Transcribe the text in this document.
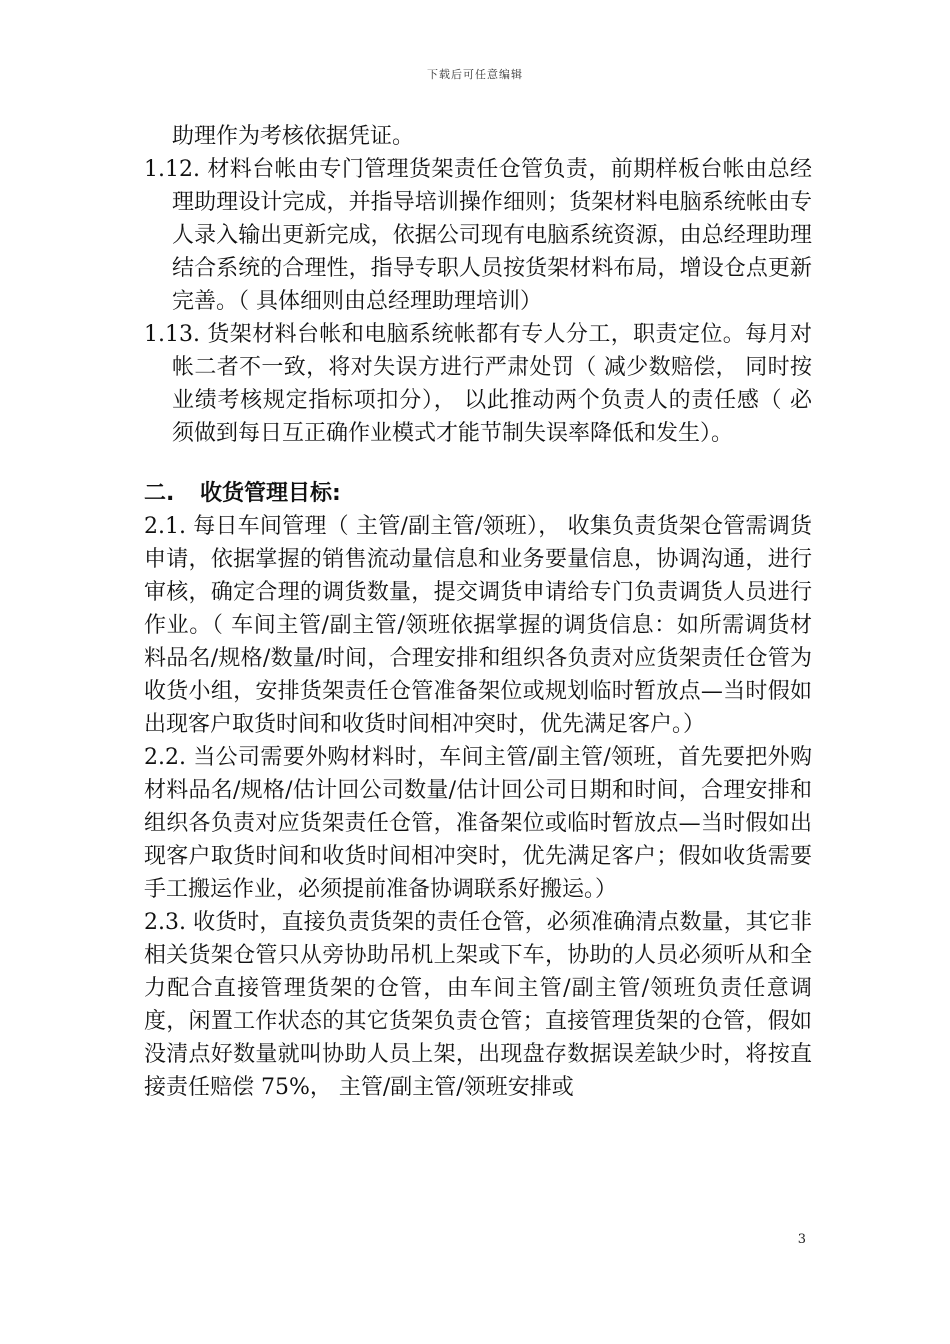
下载后可任意编辑

助理作为考核依据凭证。

1.12. 材料台帐由专门管理货架责任仓管负责，前期样板台帐由总经理助理设计完成，并指导培训操作细则；货架材料电脑系统帐由专人录入输出更新完成，依据公司现有电脑系统资源，由总经理助理结合系统的合理性，指导专职人员按货架材料布局，增设仓点更新完善。（ 具体细则由总经理助理培训）

1.13. 货架材料台帐和电脑系统帐都有专人分工，职责定位。每月对帐二者不一致，将对失误方进行严肃处罚（ 减少数赔偿， 同时按业绩考核规定指标项扣分）， 以此推动两个负责人的责任感（ 必须做到每日互正确作业模式才能节制失误率降低和发生）。

二. 收货管理目标:

2.1. 每日车间管理（ 主管/副主管/领班）， 收集负责货架仓管需调货申请，依据掌握的销售流动量信息和业务要量信息，协调沟通，进行审核，确定合理的调货数量，提交调货申请给专门负责调货人员进行作业。（ 车间主管/副主管/领班依据掌握的调货信息：如所需调货材料品名/规格/数量/时间，合理安排和组织各负责对应货架责任仓管为收货小组，安排货架责任仓管准备架位或规划临时暂放点—当时假如出现客户取货时间和收货时间相冲突时，优先满足客户。）

2.2. 当公司需要外购材料时，车间主管/副主管/领班，首先要把外购材料品名/规格/估计回公司数量/估计回公司日期和时间，合理安排和组织各负责对应货架责任仓管，准备架位或临时暂放点—当时假如出现客户取货时间和收货时间相冲突时，优先满足客户；假如收货需要手工搬运作业，必须提前准备协调联系好搬运。）

2.3. 收货时，直接负责货架的责任仓管，必须准确清点数量，其它非相关货架仓管只从旁协助吊机上架或下车，协助的人员必须听从和全力配合直接管理货架的仓管，由车间主管/副主管/领班负责任意调度，闲置工作状态的其它货架负责仓管；直接管理货架的仓管，假如没清点好数量就叫协助人员上架，出现盘存数据误差缺少时，将按直接责任赔偿 75%， 主管/副主管/领班安排或

3
